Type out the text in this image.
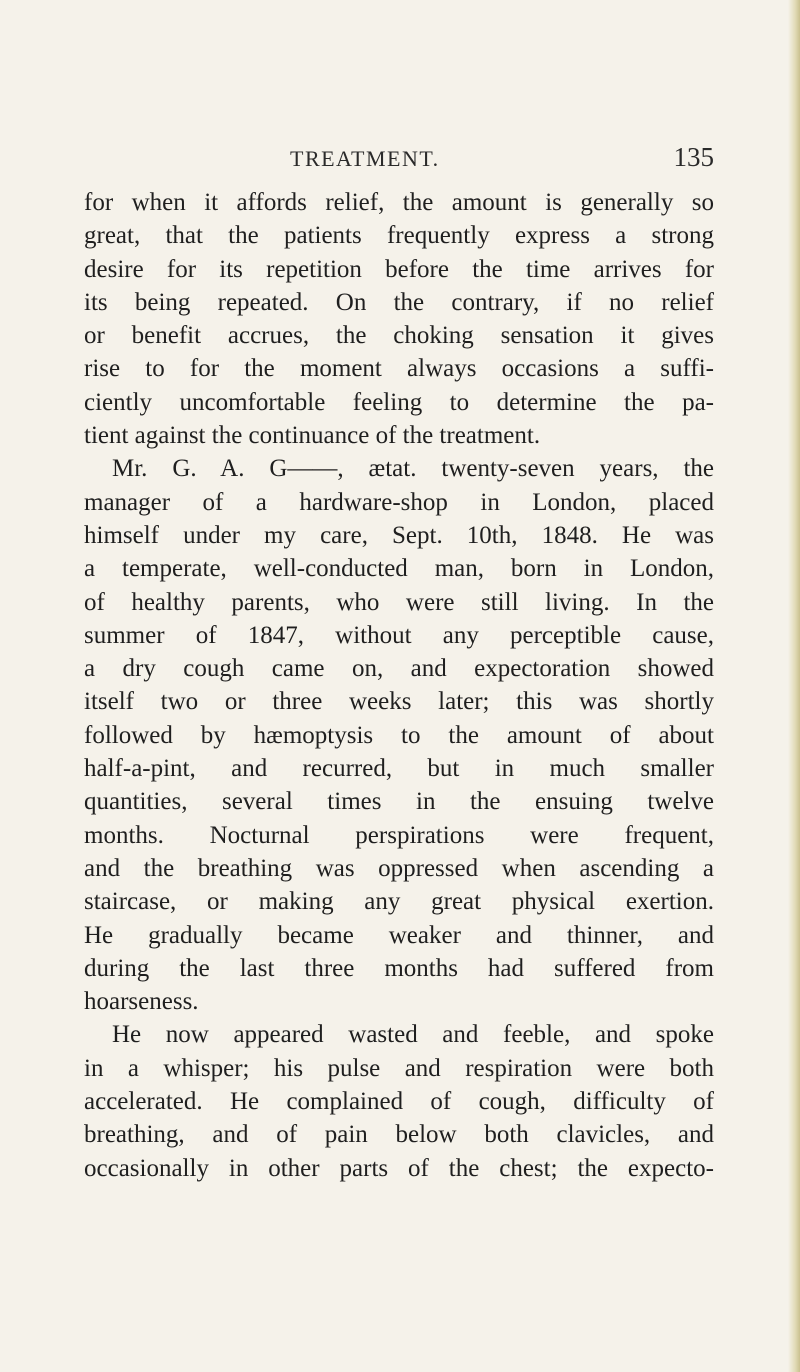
TREATMENT.	135
for when it affords relief, the amount is generally so
great, that the patients frequently express a strong
desire for its repetition before the time arrives for
its being repeated. On the contrary, if no relief
or benefit accrues, the choking sensation it gives
rise to for the moment always occasions a suffi-
ciently uncomfortable feeling to determine the pa-
tient against the continuance of the treatment.
Mr. G. A. G——, ætat. twenty-seven years, the
manager of a hardware-shop in London, placed
himself under my care, Sept. 10th, 1848. He was
a temperate, well-conducted man, born in London,
of healthy parents, who were still living. In the
summer of 1847, without any perceptible cause,
a dry cough came on, and expectoration showed
itself two or three weeks later; this was shortly
followed by hæmoptysis to the amount of about
half-a-pint, and recurred, but in much smaller
quantities, several times in the ensuing twelve
months. Nocturnal perspirations were frequent,
and the breathing was oppressed when ascending a
staircase, or making any great physical exertion.
He gradually became weaker and thinner, and
during the last three months had suffered from
hoarseness.
He now appeared wasted and feeble, and spoke
in a whisper; his pulse and respiration were both
accelerated. He complained of cough, difficulty of
breathing, and of pain below both clavicles, and
occasionally in other parts of the chest; the expecto-
